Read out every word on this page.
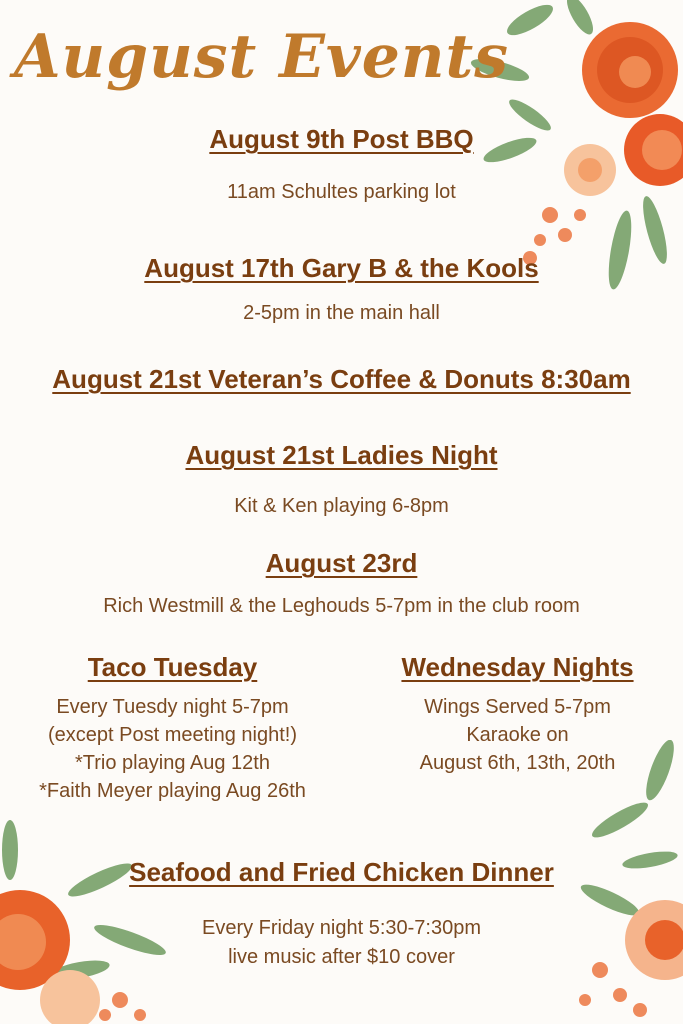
August Events
August 9th Post BBQ
11am Schultes parking lot
August 17th Gary B & the Kools
2-5pm in the main hall
August 21st Veteran’s Coffee & Donuts 8:30am
August 21st Ladies Night
Kit & Ken playing 6-8pm
August 23rd
Rich Westmill & the Leghouds 5-7pm in the club room
Taco Tuesday
Every Tuesdy night 5-7pm
(except Post meeting night!)
*Trio playing Aug 12th
*Faith Meyer playing Aug 26th
Wednesday Nights
Wings Served 5-7pm
Karaoke on
August 6th, 13th, 20th
Seafood and Fried Chicken Dinner
Every Friday night 5:30-7:30pm
live music after $10 cover
